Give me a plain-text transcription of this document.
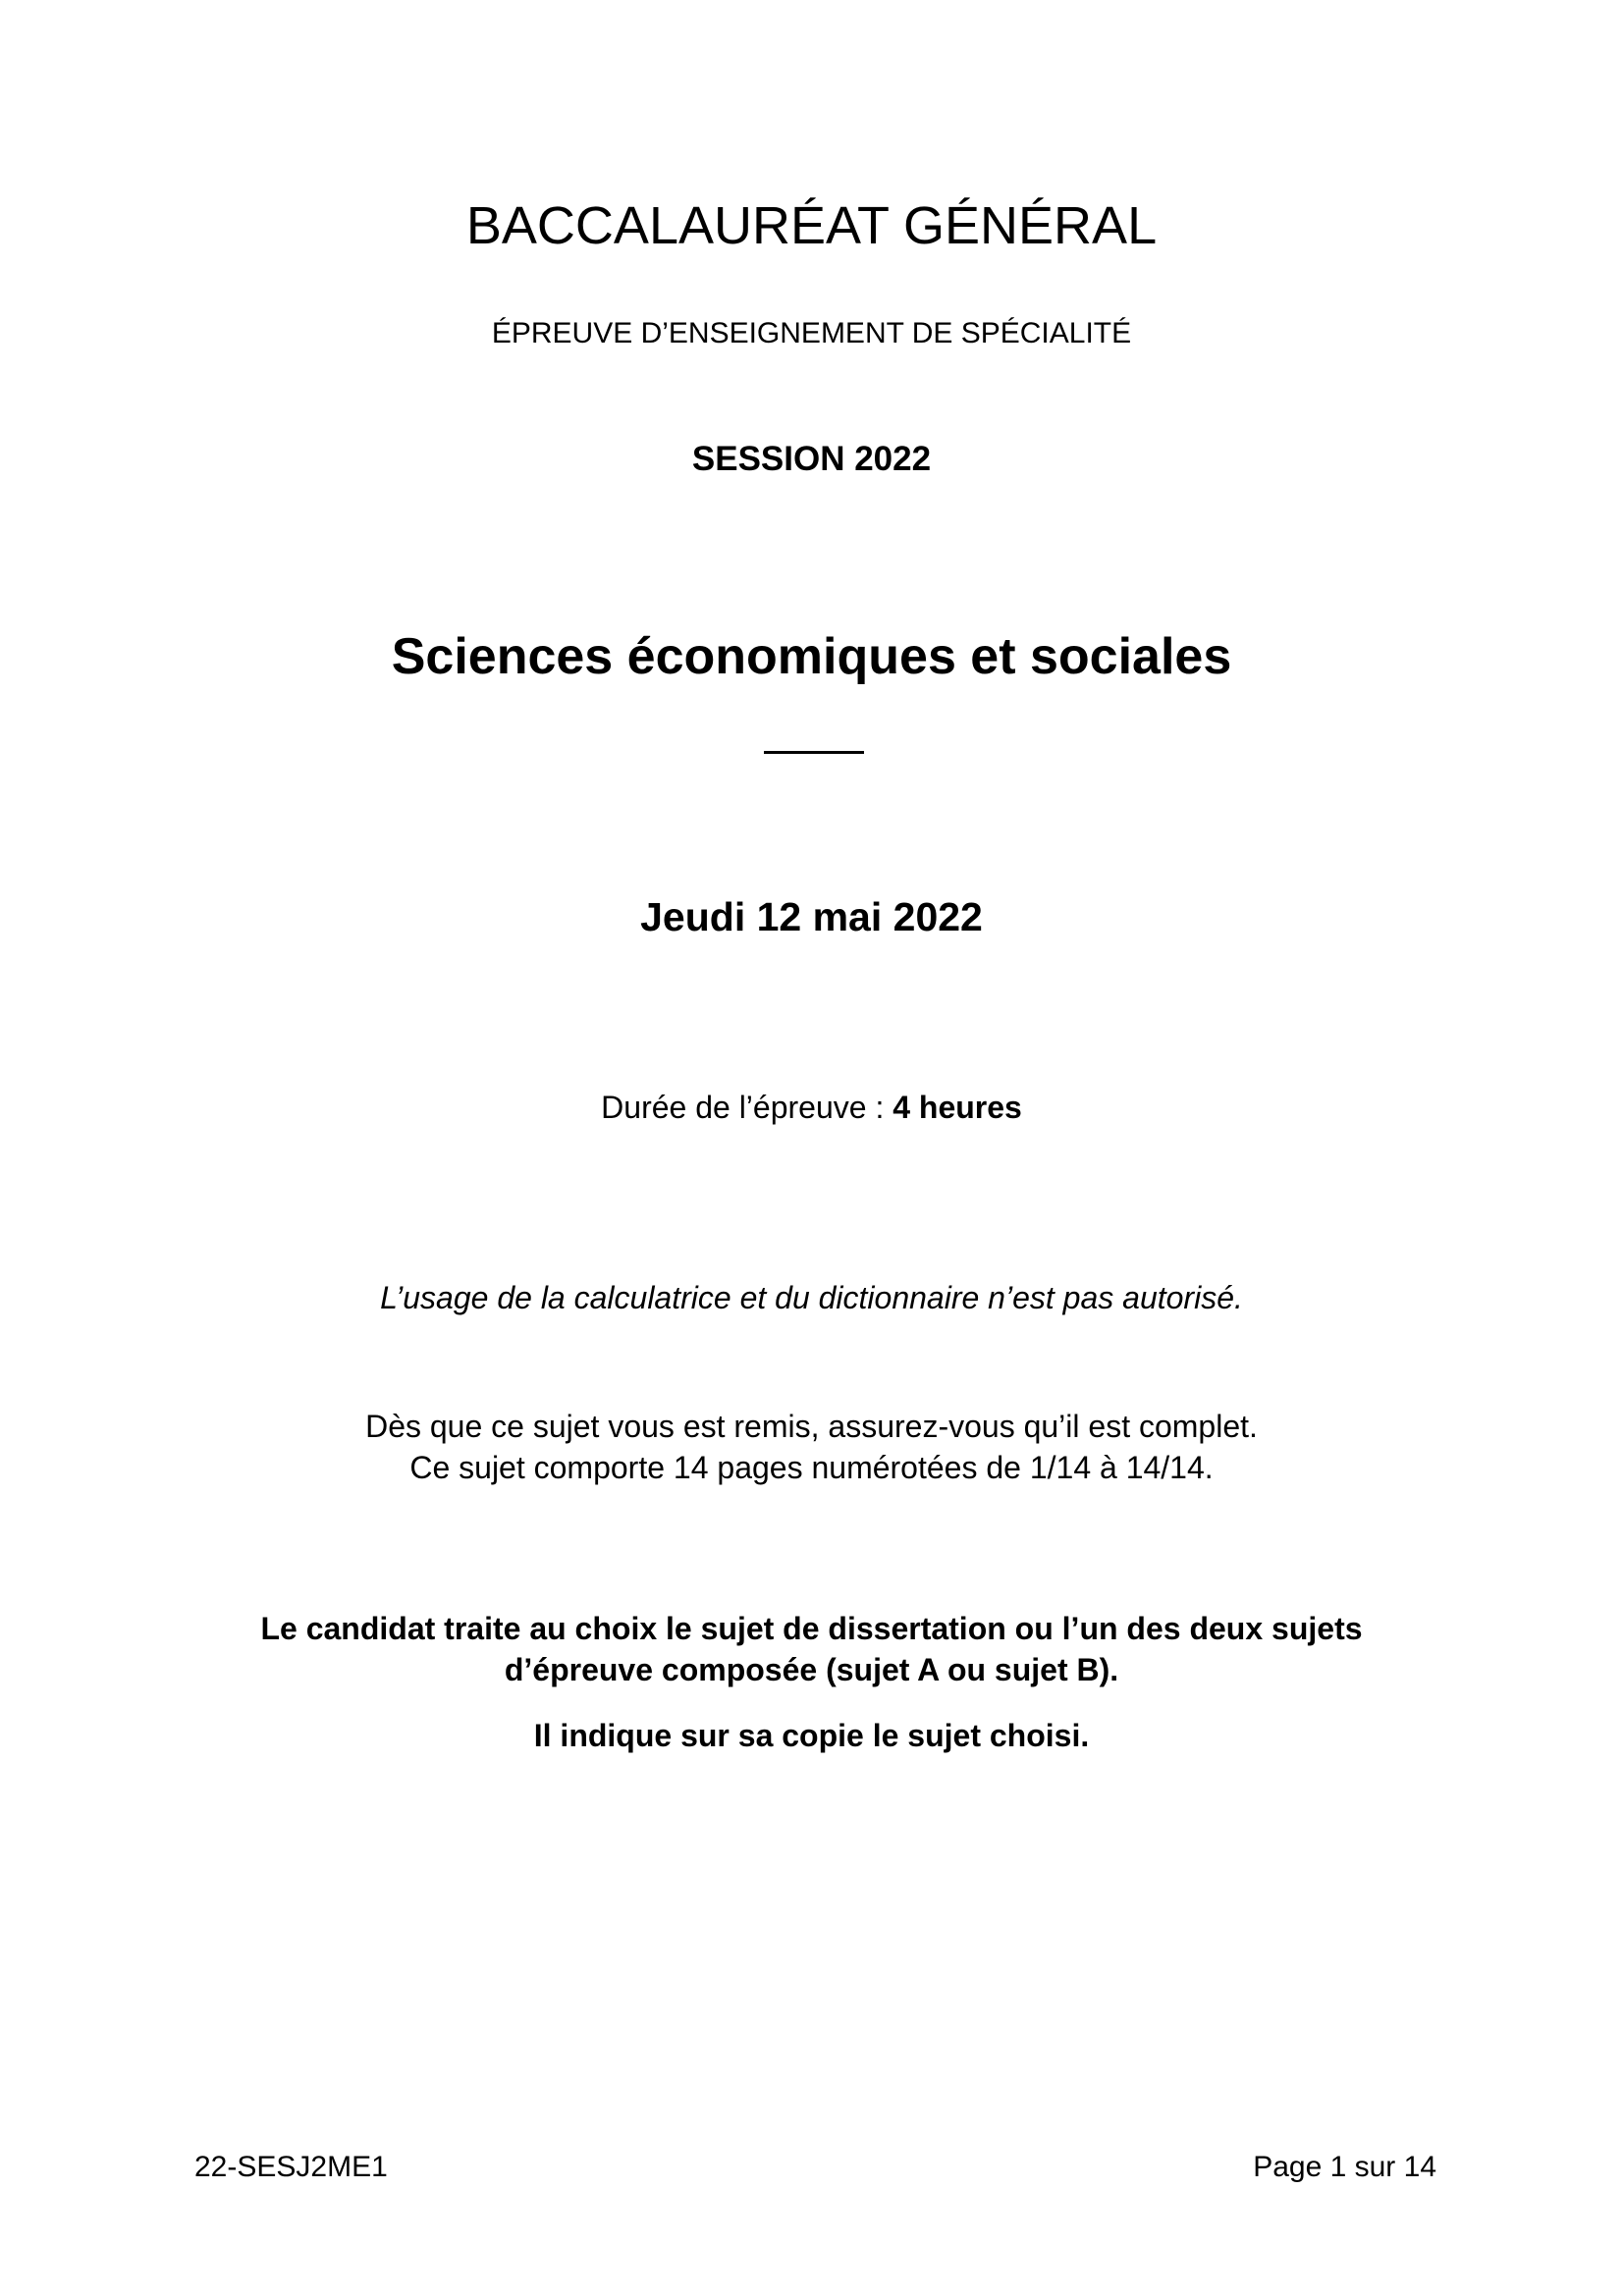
BACCALAURÉAT GÉNÉRAL
ÉPREUVE D’ENSEIGNEMENT DE SPÉCIALITÉ
SESSION 2022
Sciences économiques et sociales
Jeudi 12 mai 2022
Durée de l’épreuve : 4 heures
L’usage de la calculatrice et du dictionnaire n’est pas autorisé.
Dès que ce sujet vous est remis, assurez-vous qu’il est complet.
Ce sujet comporte 14 pages numérotées de 1/14 à 14/14.
Le candidat traite au choix le sujet de dissertation ou l’un des deux sujets
d’épreuve composée (sujet A ou sujet B).
Il indique sur sa copie le sujet choisi.
22-SESJ2ME1	Page 1 sur 14
